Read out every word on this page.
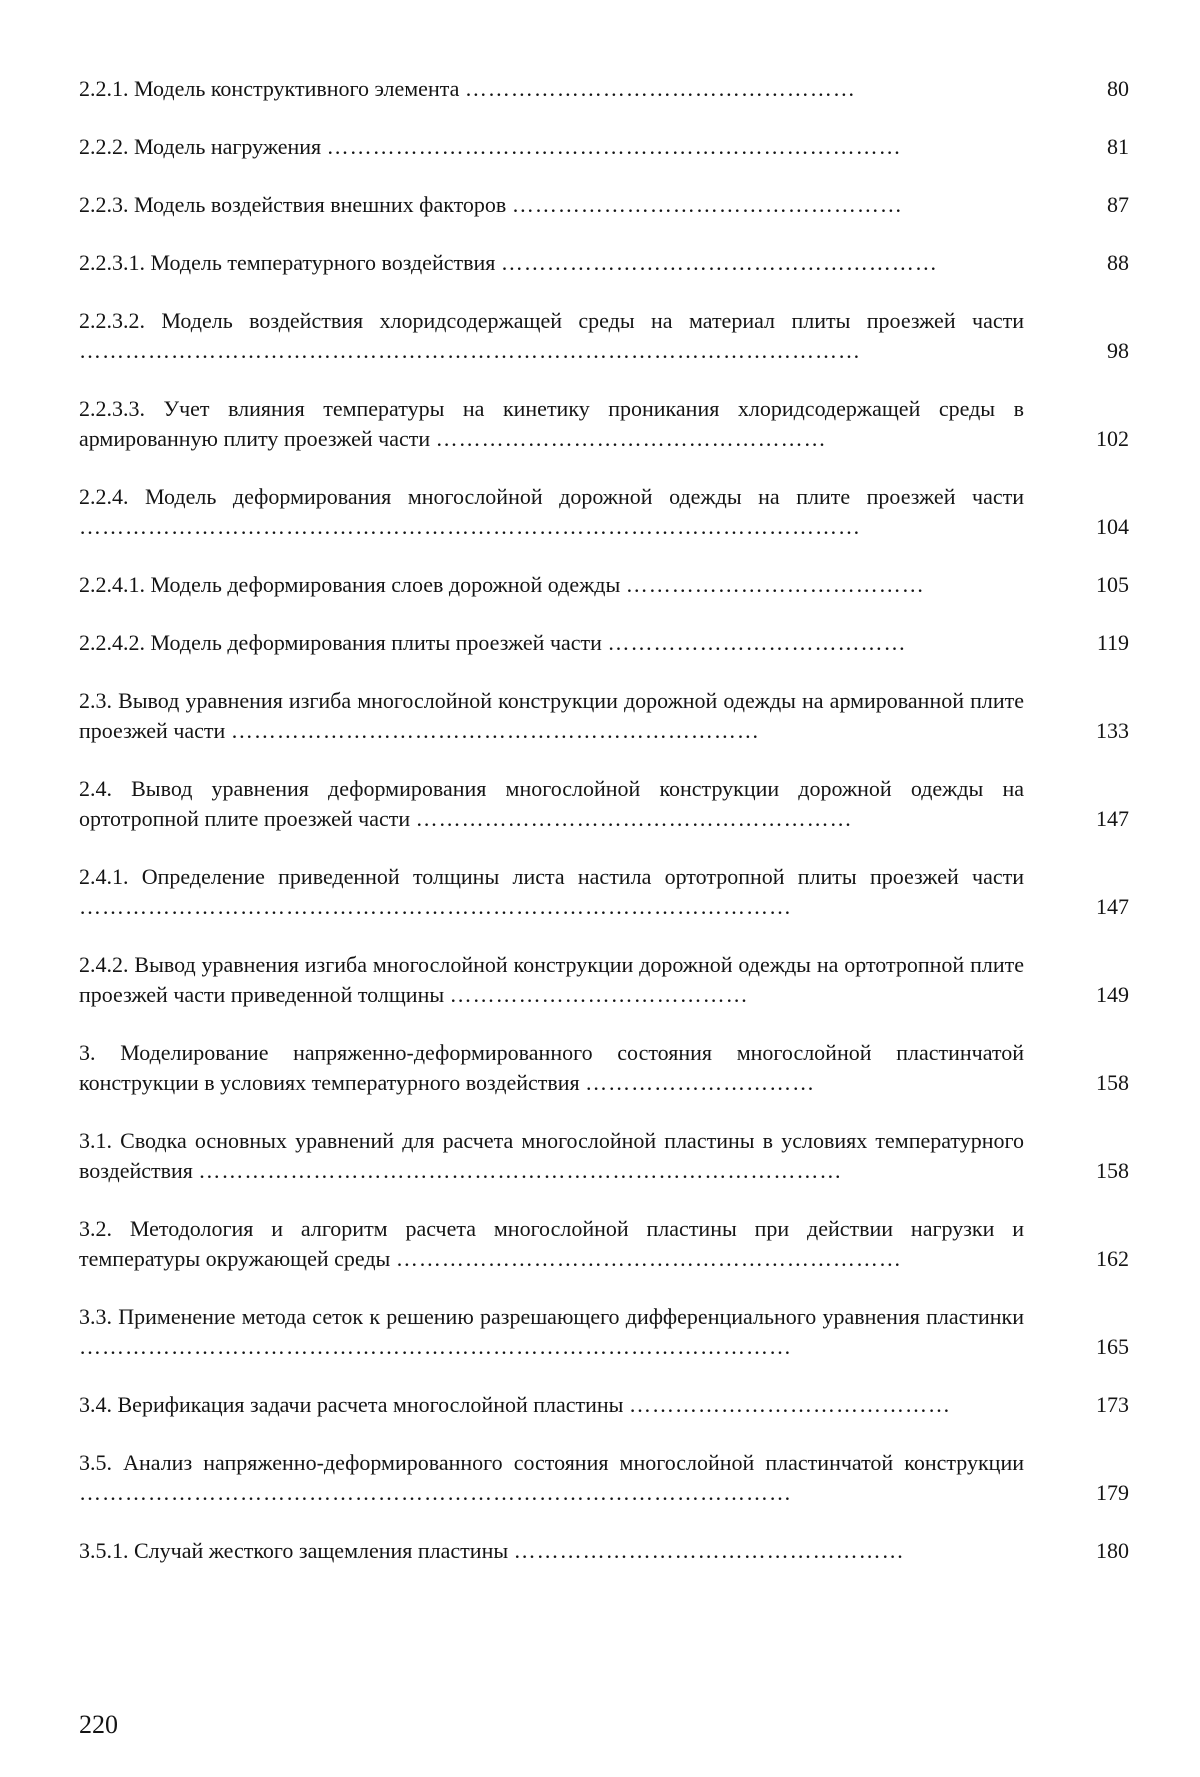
2.2.1. Модель конструктивного элемента ……………………………………………	80
2.2.2. Модель нагружения …………………………………………………………………	81
2.2.3. Модель воздействия внешних факторов ……………………………………………	87
2.2.3.1. Модель температурного воздействия …………………………………………………	88
2.2.3.2. Модель воздействия хлоридсодержащей среды на материал плиты проезжей части …………………………………………………………………………………………	98
2.2.3.3. Учет влияния температуры на кинетику проникания хлоридсодержащей среды в армированную плиту проезжей части ……………………………………………	102
2.2.4. Модель деформирования многослойной дорожной одежды на плите проезжей части …………………………………………………………………………………………	104
2.2.4.1. Модель деформирования слоев дорожной одежды …………………………………	105
2.2.4.2. Модель деформирования плиты проезжей части …………………………………	119
2.3. Вывод уравнения изгиба многослойной конструкции дорожной одежды на армированной плите проезжей части ……………………………………………………………	133
2.4. Вывод уравнения деформирования многослойной конструкции дорожной одежды на ортотропной плите проезжей части …………………………………………………	147
2.4.1. Определение приведенной толщины листа настила ортотропной плиты проезжей части …………………………………………………………………………………	147
2.4.2. Вывод уравнения изгиба многослойной конструкции дорожной одежды на ортотропной плите проезжей части приведенной толщины …………………………………	149
3. Моделирование напряженно-деформированного состояния многослойной пластинчатой конструкции в условиях температурного воздействия …………………………	158
3.1. Сводка основных уравнений для расчета многослойной пластины в условиях температурного воздействия …………………………………………………………………………	158
3.2. Методология и алгоритм расчета многослойной пластины при действии нагрузки и температуры окружающей среды …………………………………………………………	162
3.3. Применение метода сеток к решению разрешающего дифференциального уравнения пластинки …………………………………………………………………………………	165
3.4. Верификация задачи расчета многослойной пластины ……………………………………	173
3.5. Анализ напряженно-деформированного состояния многослойной пластинчатой конструкции …………………………………………………………………………………	179
3.5.1. Случай жесткого защемления пластины ……………………………………………	180
220
